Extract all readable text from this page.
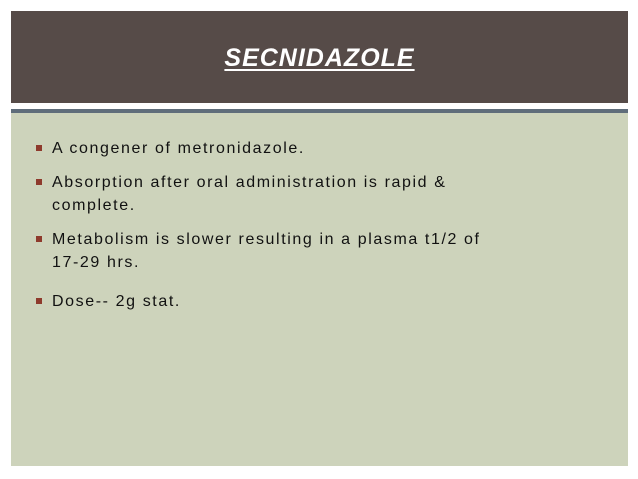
SECNIDAZOLE
A congener of metronidazole.
Absorption after oral administration is rapid &
complete.
Metabolism is slower resulting in a plasma t1/2 of
17-29 hrs.
Dose-- 2g stat.
